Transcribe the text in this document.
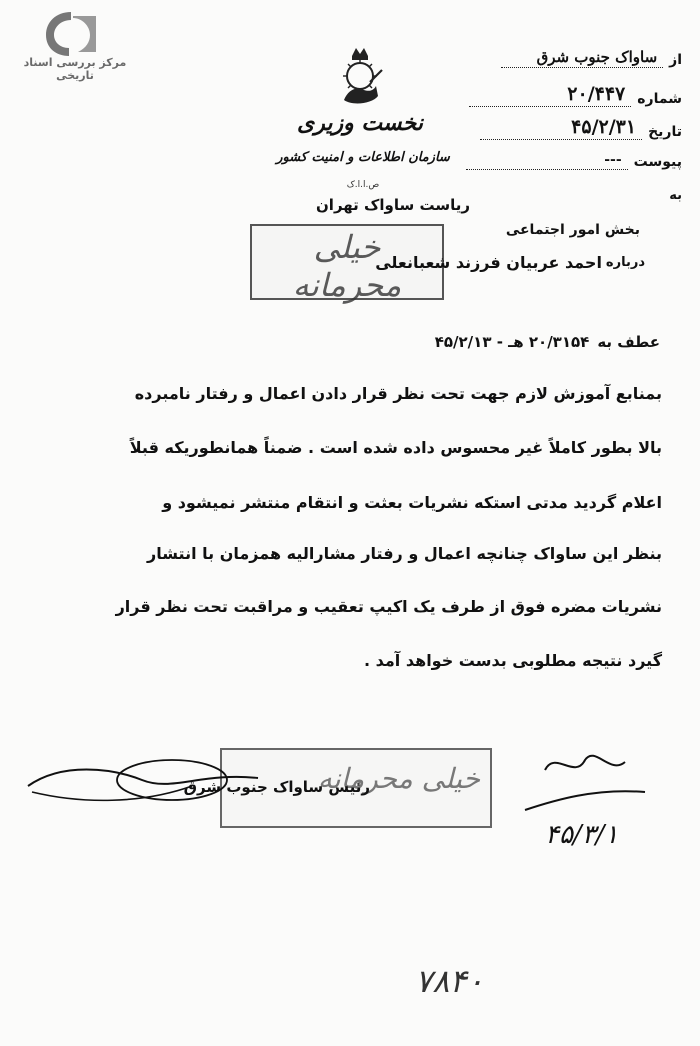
مرکز بررسی اسناد تاریخی
نخست وزیری
سازمان اطلاعات و امنیت کشور
ص.ا.ا.ک
از
ساواک جنوب شرق
شماره
۲۰/۴۴۷
تاریخ
۴۵/۲/۳۱
پیوست
---
به
ریاست ساواک تهران
بخش امور اجتماعی
خیلی محرمانه
درباره
احمد عربیان فرزند شعبانعلی
عطف به
۲۰/۳۱۵۴ هـ - ۴۵/۲/۱۳
بمنابع آموزش لازم جهت تحت نظر قرار دادن اعمال و رفتار نامبرده
بالا بطور کاملاً غیر محسوس داده شده است . ضمناً همانطوریکه قبلاً
اعلام گردید مدتی استکه نشریات بعثت و انتقام منتشر نمیشود و
بنظر این ساواک چنانچه اعمال و رفتار مشارالیه همزمان با انتشار
نشریات مضره فوق از طرف یک اکیپ تعقیب و مراقبت تحت نظر قرار
گیرد نتیجه مطلوبی بدست خواهد آمد .
خیلی محرمانه
رئیس ساواک جنوب شرق
۴۵/۳/۱
۷۸۴۰
